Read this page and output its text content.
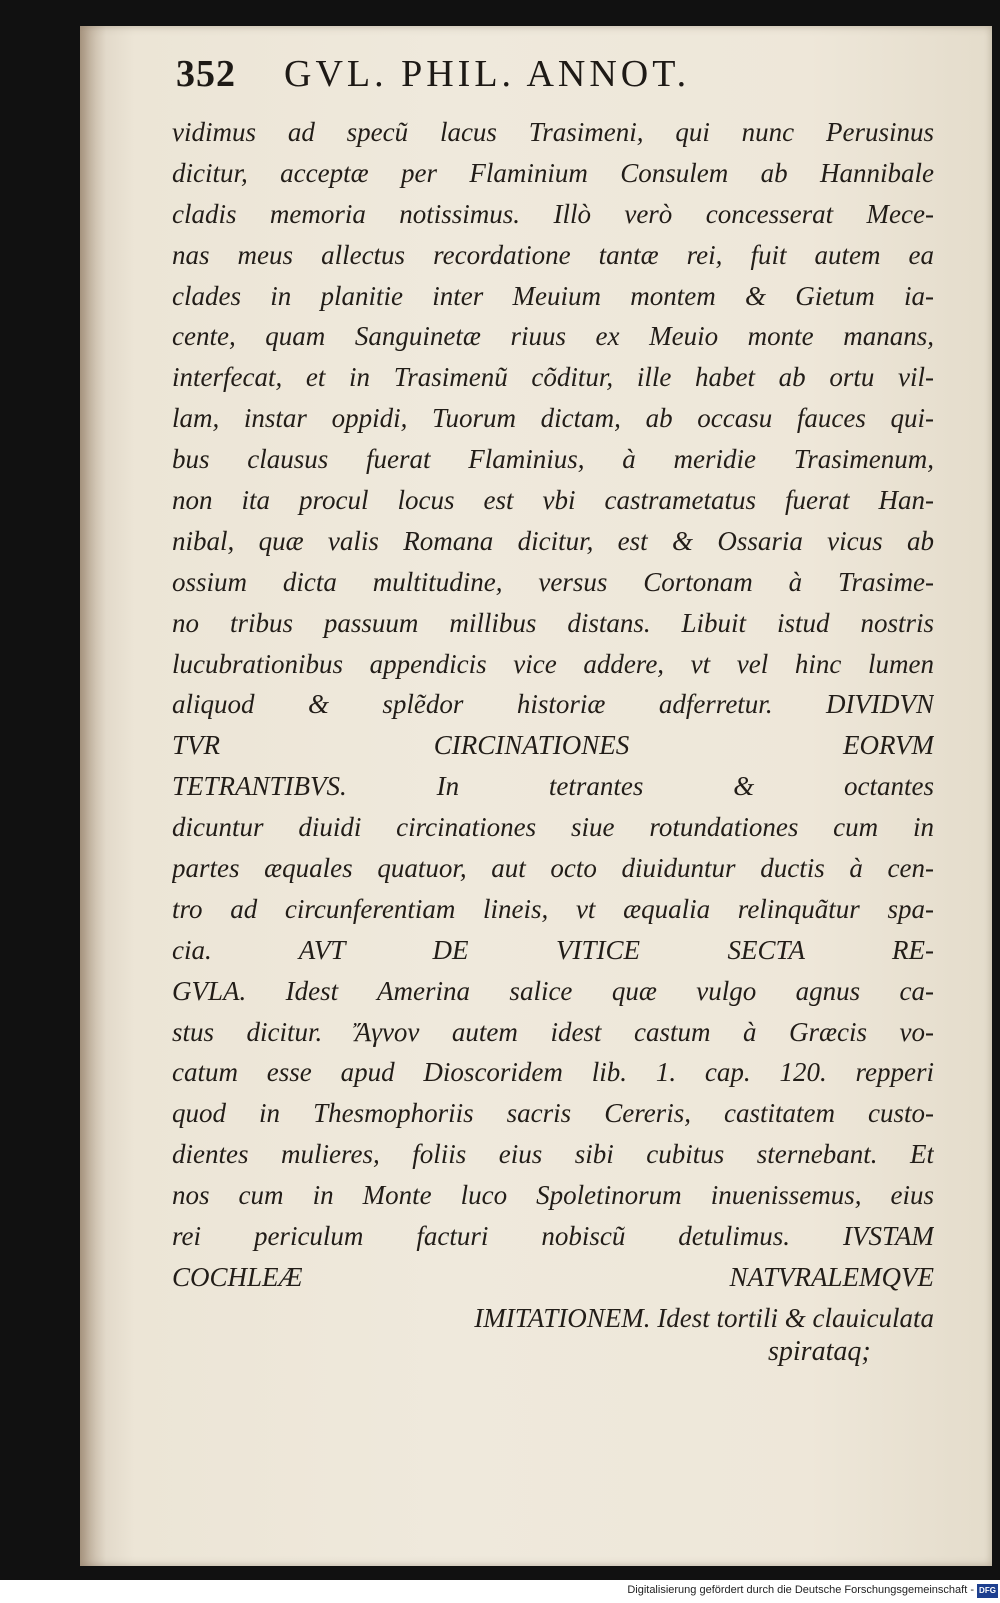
352 GVL. PHIL. ANNOT.
vidimus ad specũ lacus Trasimeni, qui nunc Perusinus
dicitur, acceptæ per Flaminium Consulem ab Hannibale
cladis memoria notissimus. Illò verò concesserat Mece-
nas meus allectus recordatione tantæ rei, fuit autem ea
clades in planitie inter Meuium montem & Gietum ia-
cente, quam Sanguinetæ riuus ex Meuio monte manans,
interfecat, et in Trasimenũ cõditur, ille habet ab ortu vil-
lam, instar oppidi, Tuorum dictam, ab occasu fauces qui-
bus clausus fuerat Flaminius, à meridie Trasimenum,
non ita procul locus est vbi castrametatus fuerat Han-
nibal, quæ valis Romana dicitur, est & Ossaria vicus ab
ossium dicta multitudine, versus Cortonam à Trasime-
no tribus passuum millibus distans. Libuit istud nostris
lucubrationibus appendicis vice addere, vt vel hinc lumen
aliquod & splẽdor historiæ adferretur. DIVIDVN
TVR CIRCINATIONES EORVM
TETRANTIBVS. In tetrantes & octantes
dicuntur diuidi circinationes siue rotundationes cum in
partes æquales quatuor, aut octo diuiduntur ductis à cen-
tro ad circunferentiam lineis, vt æqualia relinquãtur spa-
cia. AVT DE VITICE SECTA RE-
GVLA. Idest Amerina salice quæ vulgo agnus ca-
stus dicitur. Ἄγνον autem idest castum à Græcis vo-
catum esse apud Dioscoridem lib. 1. cap. 120. repperi
quod in Thesmophoriis sacris Cereris, castitatem custo-
dientes mulieres, foliis eius sibi cubitus sternebant. Et
nos cum in Monte luco Spoletinorum inuenissemus, eius
rei periculum facturi nobiscũ detulimus. IVSTAM
COCHLEÆ NATVRALEMQVE
IMITATIONEM. Idest tortili & clauiculata
spirataq;
Digitalisierung gefördert durch die Deutsche Forschungsgemeinschaft - DFG
